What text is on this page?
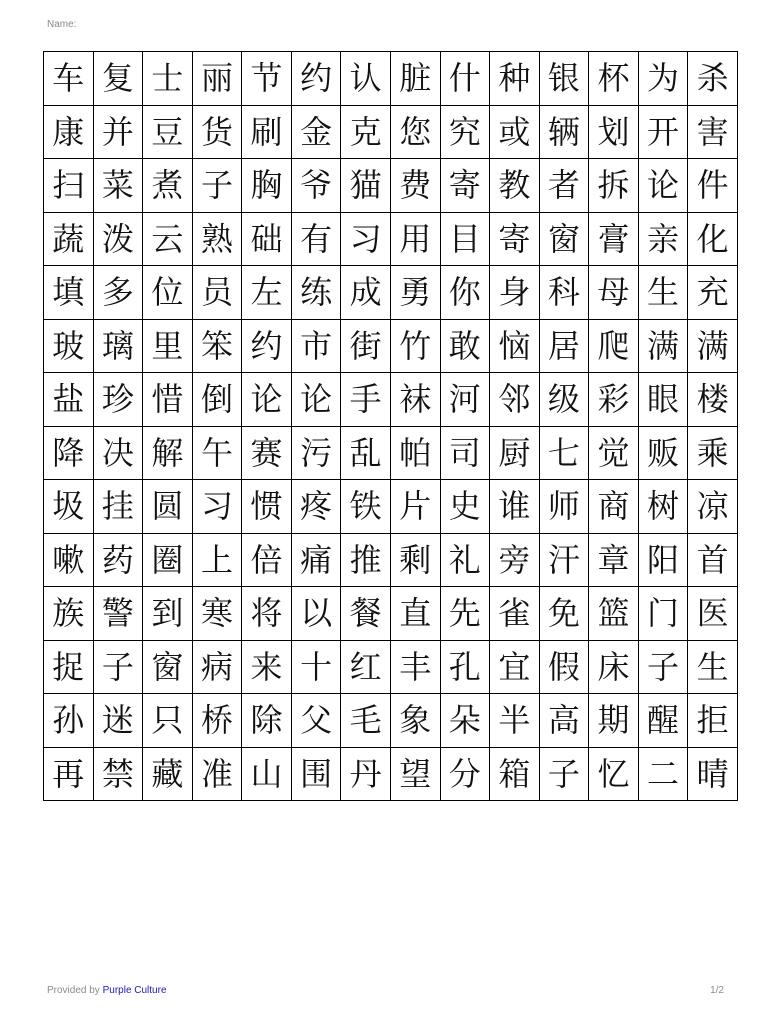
Name:
车	复	士	丽	节	约	认	脏	什	种	银	杯	为	杀
康	并	豆	货	刷	金	克	您	究	或	辆	划	开	害
扫	菜	煮	子	胸	爷	猫	费	寄	教	者	拆	论	件
蔬	泼	云	熟	础	有	习	用	目	寄	窗	膏	亲	化
填	多	位	员	左	练	成	勇	你	身	科	母	生	充
玻	璃	里	笨	约	市	街	竹	敢	恼	居	爬	满	满
盐	珍	惜	倒	论	论	手	袜	河	邻	级	彩	眼	楼
降	决	解	午	赛	污	乱	帕	司	厨	七	觉	贩	乘
圾	挂	圆	习	惯	疼	铁	片	史	谁	师	商	树	凉
嗽	药	圈	上	倍	痛	推	剩	礼	旁	汗	章	阳	首
族	警	到	寒	将	以	餐	直	先	雀	免	篮	门	医
捉	子	窗	病	来	十	红	丰	孔	宜	假	床	子	生
孙	迷	只	桥	除	父	毛	象	朵	半	高	期	醒	拒
再	禁	藏	准	山	围	丹	望	分	箱	子	忆	二	晴
Provided by Purple Culture	1/2
